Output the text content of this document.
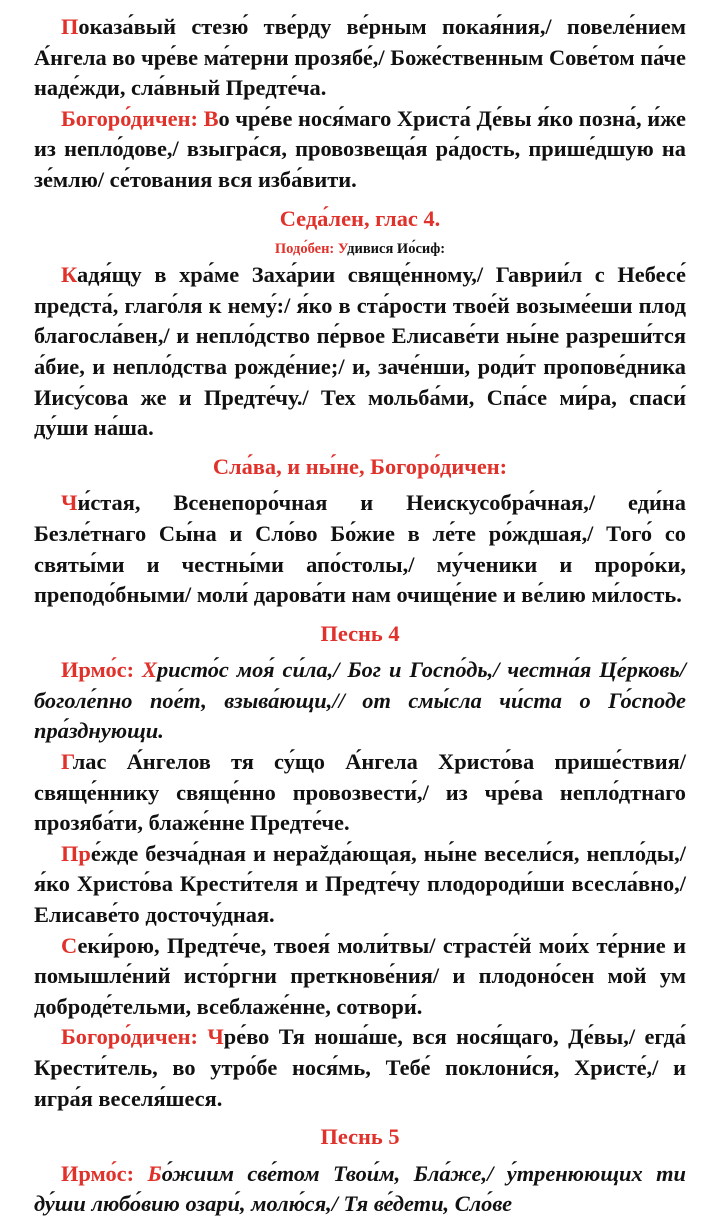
Показа́вый стезю́ тве́рду ве́рным покая́ния,/ повеле́нием А́нгела во чре́ве ма́терни прозябе́,/ Боже́ственным Сове́том па́че наде́жди, сла́вный Предте́ча.

Богоро́дичен: Во чре́ве нося́маго Христа́ Де́вы я́ко позна́, и́же из непло́дове,/ взыгра́ся, провозвеща́я ра́дость, прише́дшую на зе́млю/ се́тования вся изба́вити.

Седа́лен, глас 4.
Подо́бен: Удивися Ио́сиф:

Кадя́щу в хра́ме Заха́рии свяще́нному,/ Гаврии́л с Небесе́ предста́, глаго́ля к нему́:/ я́ко в ста́рости твое́й возыме́еши плод благосла́вен,/ и непло́дство пе́рвое Елисаве́ти ны́не разреши́тся а́бие, и непло́дства рожде́ние;/ и, заче́нши, роди́т пропове́дника Иису́сова же и Предте́чу./ Тех мольба́ми, Спа́се ми́ра, спаси́ ду́ши на́ша.

Сла́ва, и ны́не, Богоро́дичен:

Чи́стая, Всенепоро́чная и Неискусобра́чная,/ еди́на Безле́тнаго Сы́на и Сло́во Бо́жие в ле́те ро́ждшая,/ Того́ со святы́ми и честны́ми апо́столы,/ му́ченики и проро́ки, преподо́бными/ моли́ дарова́ти нам очище́ние и ве́лию ми́лость.

Песнь 4

Ирмо́с: Христо́с моя́ си́ла,/ Бог и Госпо́дь,/ честна́я Це́рковь/ боголе́пно пое́т, взыва́ющи,// от смы́сла чи́ста о Го́споде пра́зднующи.

Глас А́нгелов тя су́що А́нгела Христо́ва прише́ствия/ свяще́ннику свяще́нно провозвести́,/ из чре́ва непло́дтнаго прозяба́ти, блаже́нне Предте́че.

Пре́жде безча́дная и нерažда́ющая, ны́не весели́ся, непло́ды,/ я́ко Христо́ва Крести́теля и Предте́чу плодороди́ши всесла́вно,/ Елисаве́то досточу́дная.

Секи́рою, Предте́че, твоея́ моли́твы/ страсте́й мои́х те́рние и помышле́ний исто́ргни преткнове́ния/ и плодоно́сен мой ум доброде́тельми, всеблаже́нне, сотвори́.

Богоро́дичен: Чре́во Тя ноша́ше, вся нося́щаго, Де́вы,/ егда́ Крести́тель, во утро́бе нося́мь, Тебе́ поклони́ся, Христе́,/ и игра́я веселя́шеся.

Песнь 5

Ирмо́с: Бо́жиим све́том Твои́м, Бла́же,/ у́тренюющих ти ду́ши любо́вию озари́, молю́ся,/ Тя ве́дети, Сло́ве
